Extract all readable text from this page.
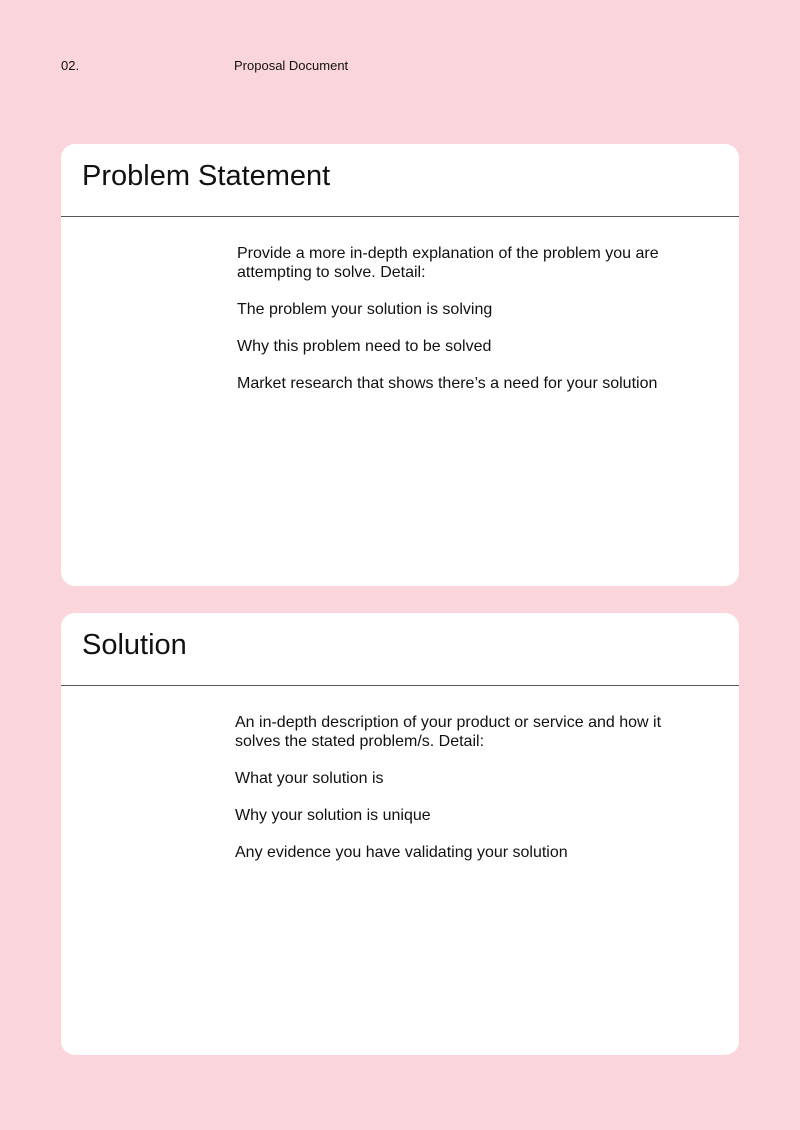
02.	Proposal Document
Problem Statement

Provide a more in-depth explanation of the problem you are attempting to solve. Detail:

The problem your solution is solving

Why this problem need to be solved

Market research that shows there’s a need for your solution

Solution

An in-depth description of your product or service and how it solves the stated problem/s. Detail:

What your solution is

Why your solution is unique

Any evidence you have validating your solution
